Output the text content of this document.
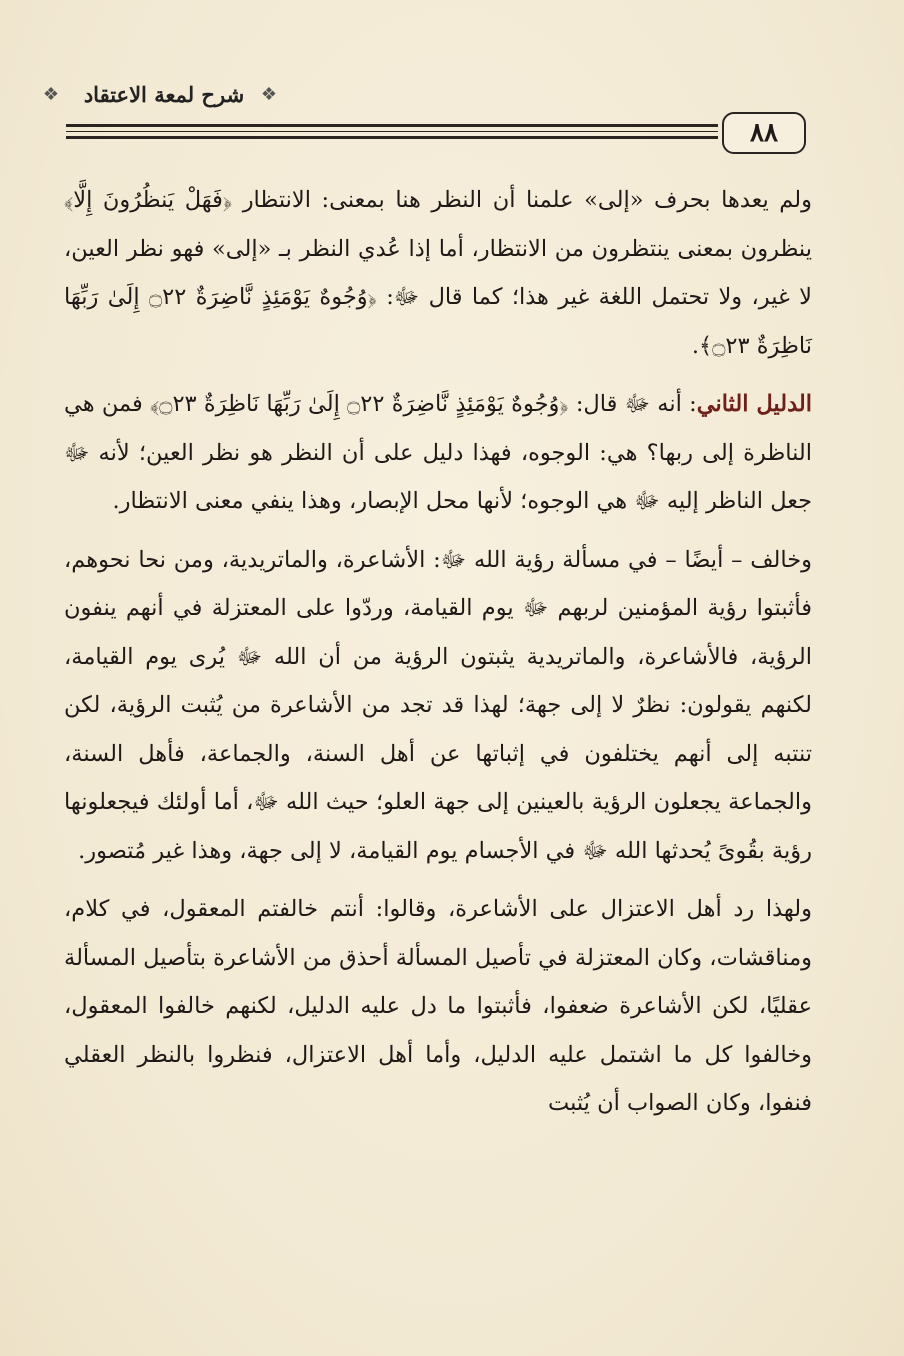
❖	شرح لمعة الاعتقاد ❖
٨٨

ولم يعدها بحرف «إلى» علمنا أن النظر هنا بمعنى: الانتظار ﴿فَهَلْ يَنظُرُونَ إِلَّا﴾ ينظرون بمعنى ينتظرون من الانتظار، أما إذا عُدي النظر بـ «إلى» فهو نظر العين، لا غير، ولا تحتمل اللغة غير هذا؛ كما قال ﷻ: ﴿وُجُوهٌ يَوْمَئِذٍ نَّاضِرَةٌ ۝٢٢ إِلَىٰ رَبِّهَا نَاظِرَةٌ ۝٢٣﴾.

الدليل الثاني: أنه ﷻ قال: ﴿وُجُوهٌ يَوْمَئِذٍ نَّاضِرَةٌ ۝٢٢ إِلَىٰ رَبِّهَا نَاظِرَةٌ ۝٢٣﴾ فمن هي الناظرة إلى ربها؟ هي: الوجوه، فهذا دليل على أن النظر هو نظر العين؛ لأنه ﷻ جعل الناظر إليه ﷻ هي الوجوه؛ لأنها محل الإبصار، وهذا ينفي معنى الانتظار.

وخالف – أيضًا – في مسألة رؤية الله ﷻ: الأشاعرة، والماتريدية، ومن نحا نحوهم، فأثبتوا رؤية المؤمنين لربهم ﷻ يوم القيامة، وردّوا على المعتزلة في أنهم ينفون الرؤية، فالأشاعرة، والماتريدية يثبتون الرؤية من أن الله ﷻ يُرى يوم القيامة، لكنهم يقولون: نظرٌ لا إلى جهة؛ لهذا قد تجد من الأشاعرة من يُثبت الرؤية، لكن تنتبه إلى أنهم يختلفون في إثباتها عن أهل السنة، والجماعة، فأهل السنة، والجماعة يجعلون الرؤية بالعينين إلى جهة العلو؛ حيث الله ﷻ، أما أولئك فيجعلونها رؤية بقُوىً يُحدثها الله ﷻ في الأجسام يوم القيامة، لا إلى جهة، وهذا غير مُتصور.

ولهذا رد أهل الاعتزال على الأشاعرة، وقالوا: أنتم خالفتم المعقول، في كلام، ومناقشات، وكان المعتزلة في تأصيل المسألة أحذق من الأشاعرة بتأصيل المسألة عقليًا، لكن الأشاعرة ضعفوا، فأثبتوا ما دل عليه الدليل، لكنهم خالفوا المعقول، وخالفوا كل ما اشتمل عليه الدليل، وأما أهل الاعتزال، فنظروا بالنظر العقلي فنفوا، وكان الصواب أن يُثبت
